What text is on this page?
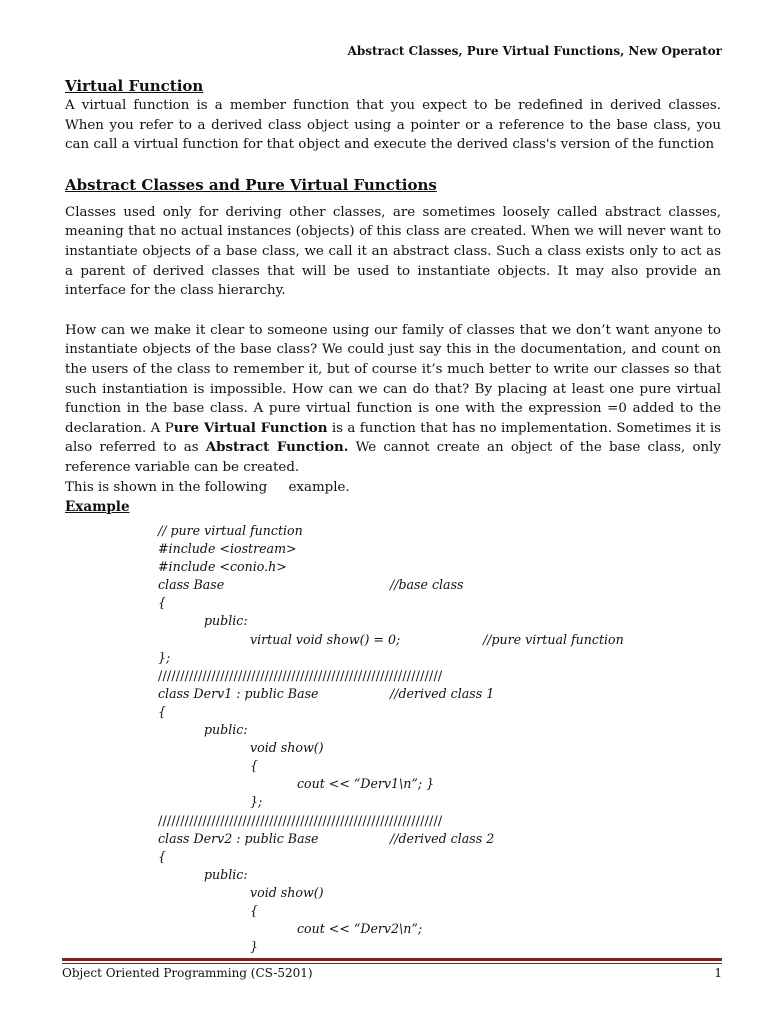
Abstract Classes, Pure Virtual Functions, New Operator
Virtual Function

A virtual function is a member function that you expect to be redefined in derived classes. When you refer to a derived class object using a pointer or a reference to the base class, you can call a virtual function for that object and execute the derived class's version of the function

Abstract Classes and Pure Virtual Functions

Classes used only for deriving other classes, are sometimes loosely called abstract classes, meaning that no actual instances (objects) of this class are created. When we will never want to instantiate objects of a base class, we call it an abstract class. Such a class exists only to act as a parent of derived classes that will be used to instantiate objects. It may also provide an interface for the class hierarchy.

How can we make it clear to someone using our family of classes that we don’t want anyone to instantiate objects of the base class? We could just say this in the documentation, and count on the users of the class to remember it, but of course it’s much better to write our classes so that such instantiation is impossible. How can we can do that? By placing at least one pure virtual function in the base class. A pure virtual function is one with the expression =0 added to the declaration. A Pure Virtual Function is a function that has no implementation. Sometimes it is also referred to as Abstract Function. We cannot create an object of the base class, only reference variable can be created.

This is shown in the following     example.

Example
// pure virtual function
#include <iostream>
#include <conio.h>
class Base	//base class
{
public:
virtual void show() = 0;	//pure virtual function
};
////////////////////////////////////////////////////////////////
class Derv1 : public Base	//derived class 1
{
public:
void show()
{
cout << “Derv1\n”; }
};
////////////////////////////////////////////////////////////////
class Derv2 : public Base	//derived class 2
{
public:
void show()
{
cout << “Derv2\n”;
}
Object Oriented Programming (CS-5201)	1
